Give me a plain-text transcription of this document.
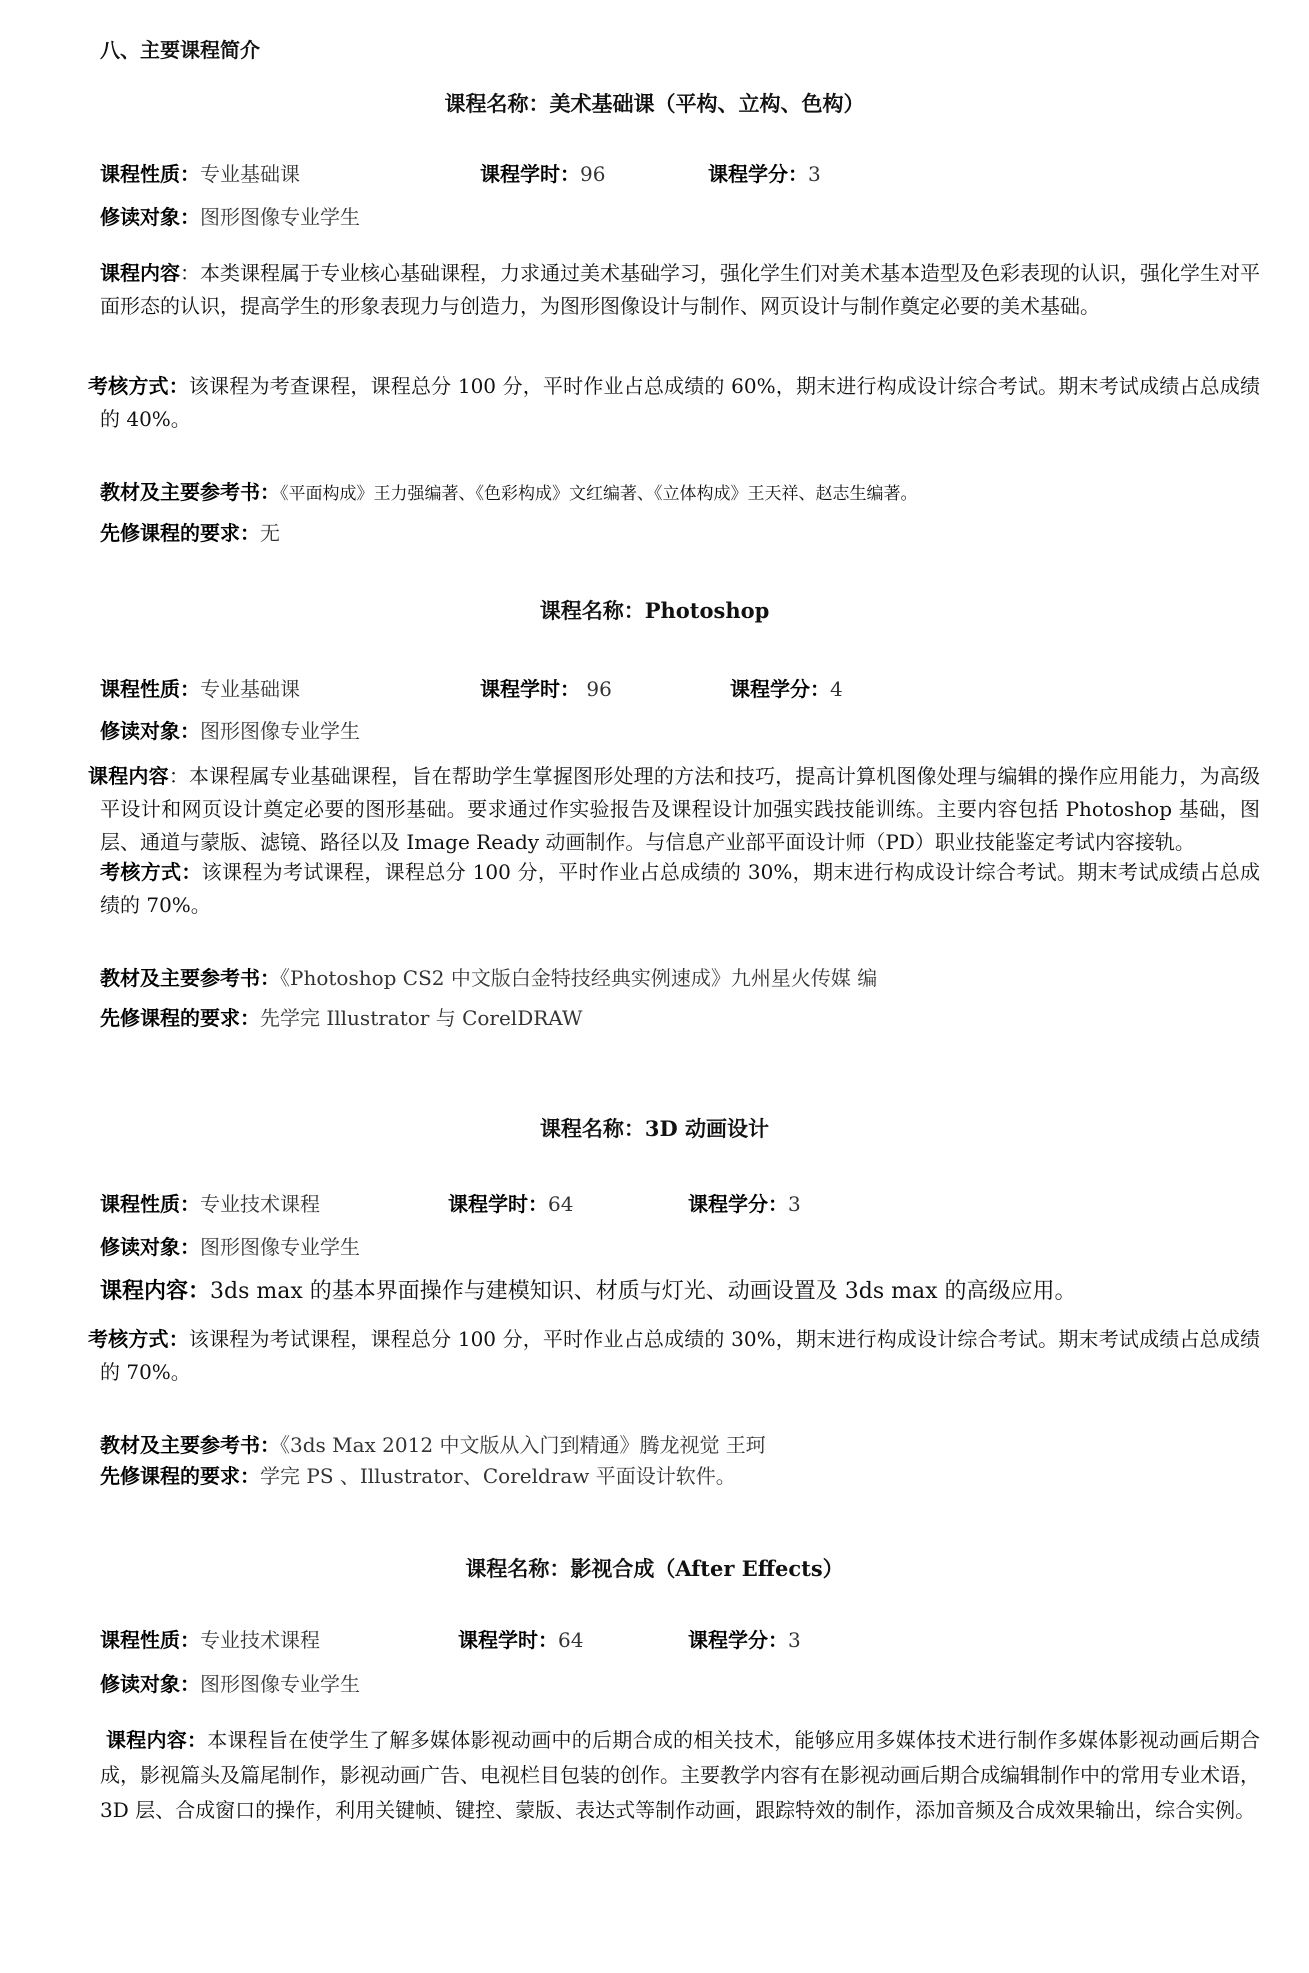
八、主要课程简介
课程名称：美术基础课（平构、立构、色构）
课程性质：专业基础课	课程学时：96	课程学分：3
修读对象：图形图像专业学生
课程内容：本类课程属于专业核心基础课程，力求通过美术基础学习，强化学生们对美术基本造型及色彩表现的认识，强化学生对平面形态的认识，提高学生的形象表现力与创造力，为图形图像设计与制作、网页设计与制作奠定必要的美术基础。
考核方式：该课程为考查课程，课程总分 100 分，平时作业占总成绩的 60%，期末进行构成设计综合考试。期末考试成绩占总成绩的 40%。
教材及主要参考书：《平面构成》王力强编著、《色彩构成》文红编著、《立体构成》王天祥、赵志生编著。
先修课程的要求：无
课程名称：Photoshop
课程性质：专业基础课	课程学时： 96	课程学分：4
修读对象：图形图像专业学生
课程内容：本课程属专业基础课程，旨在帮助学生掌握图形处理的方法和技巧，提高计算机图像处理与编辑的操作应用能力，为高级平设计和网页设计奠定必要的图形基础。要求通过作实验报告及课程设计加强实践技能训练。主要内容包括 Photoshop 基础，图层、通道与蒙版、滤镜、路径以及 Image Ready 动画制作。与信息产业部平面设计师（PD）职业技能鉴定考试内容接轨。
考核方式：该课程为考试课程，课程总分 100 分，平时作业占总成绩的 30%，期末进行构成设计综合考试。期末考试成绩占总成绩的 70%。
教材及主要参考书：《Photoshop CS2 中文版白金特技经典实例速成》九州星火传媒 编
先修课程的要求：先学完 Illustrator 与 CorelDRAW
课程名称：3D 动画设计
课程性质：专业技术课程	课程学时：64	课程学分：3
修读对象：图形图像专业学生
课程内容：3ds max 的基本界面操作与建模知识、材质与灯光、动画设置及 3ds max 的高级应用。
考核方式：该课程为考试课程，课程总分 100 分，平时作业占总成绩的 30%，期末进行构成设计综合考试。期末考试成绩占总成绩的 70%。
教材及主要参考书：《3ds Max 2012 中文版从入门到精通》腾龙视觉 王珂
先修课程的要求：学完 PS 、Illustrator、Coreldraw 平面设计软件。
课程名称：影视合成（After Effects）
课程性质：专业技术课程	课程学时：64	课程学分：3
修读对象：图形图像专业学生
课程内容：本课程旨在使学生了解多媒体影视动画中的后期合成的相关技术，能够应用多媒体技术进行制作多媒体影视动画后期合成，影视篇头及篇尾制作，影视动画广告、电视栏目包装的创作。主要教学内容有在影视动画后期合成编辑制作中的常用专业术语，3D 层、合成窗口的操作，利用关键帧、键控、蒙版、表达式等制作动画，跟踪特效的制作，添加音频及合成效果输出，综合实例。
